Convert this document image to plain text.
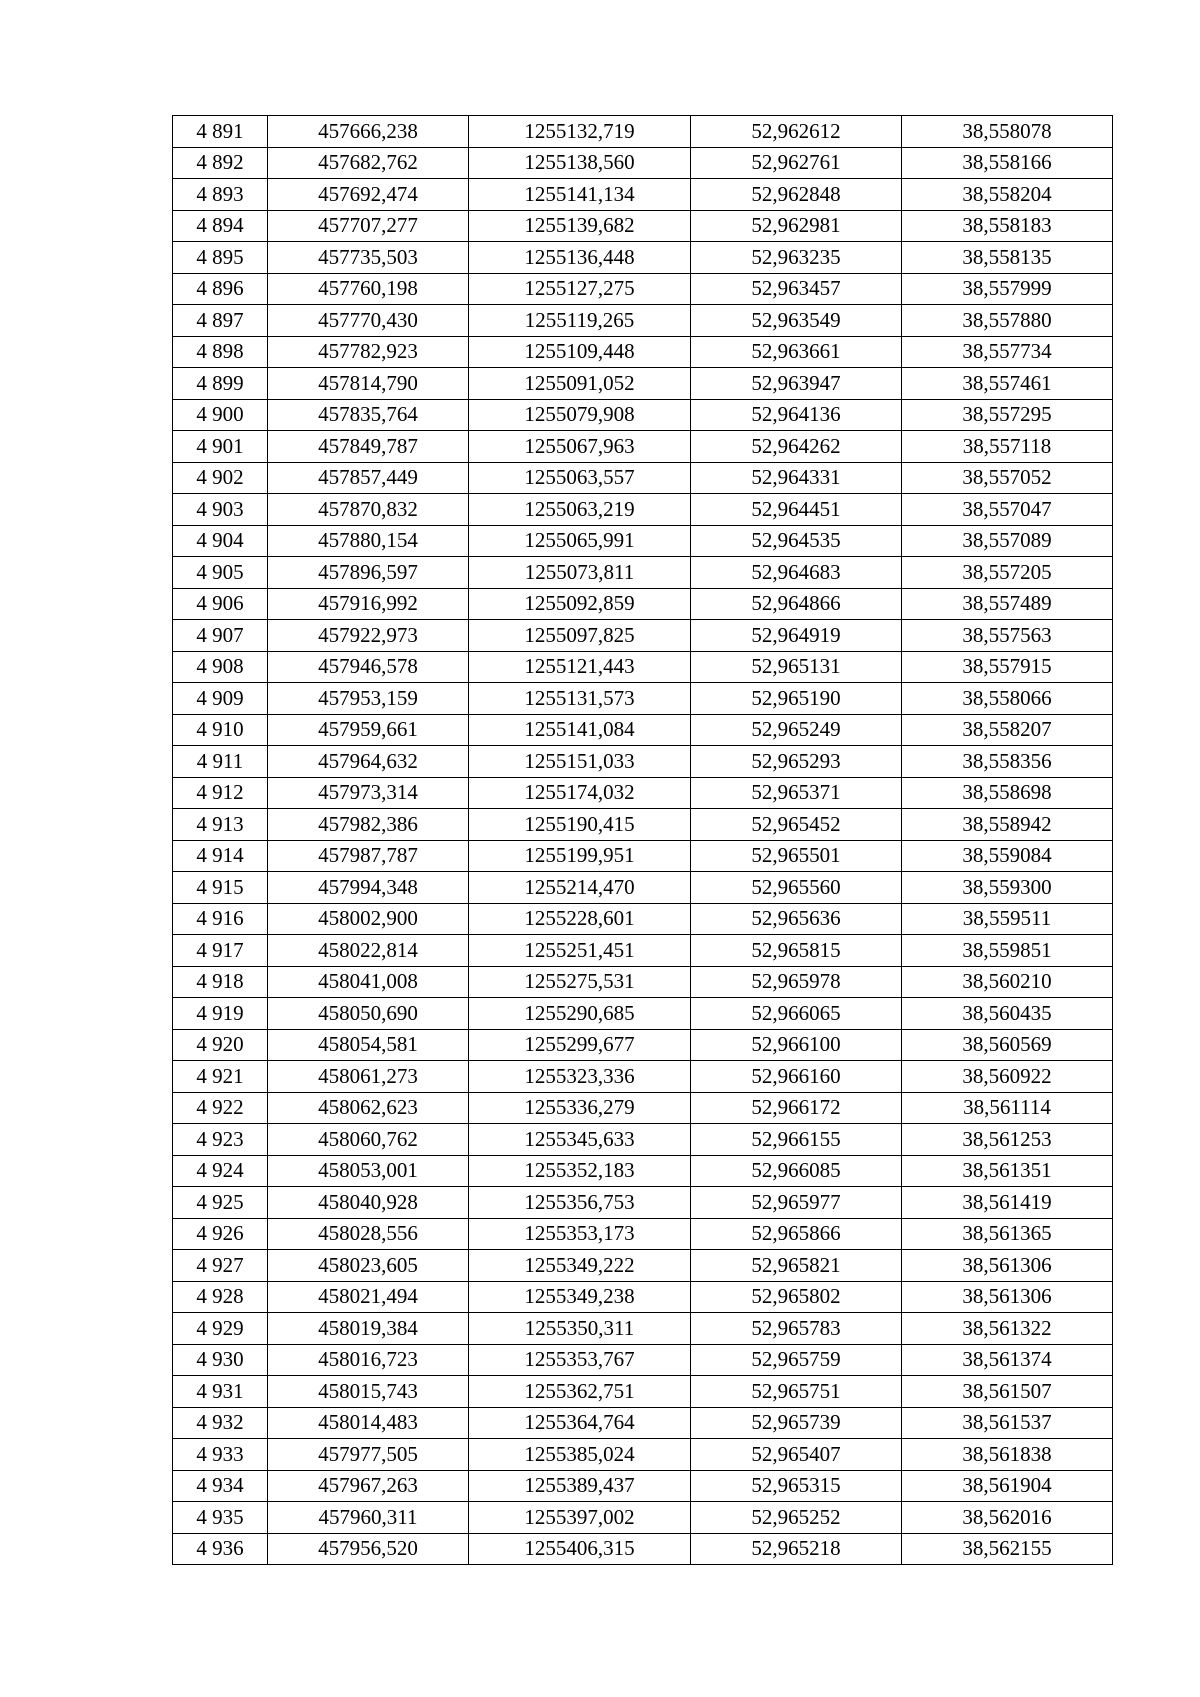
4 891	457666,238	1255132,719	52,962612	38,558078
4 892	457682,762	1255138,560	52,962761	38,558166
4 893	457692,474	1255141,134	52,962848	38,558204
4 894	457707,277	1255139,682	52,962981	38,558183
4 895	457735,503	1255136,448	52,963235	38,558135
4 896	457760,198	1255127,275	52,963457	38,557999
4 897	457770,430	1255119,265	52,963549	38,557880
4 898	457782,923	1255109,448	52,963661	38,557734
4 899	457814,790	1255091,052	52,963947	38,557461
4 900	457835,764	1255079,908	52,964136	38,557295
4 901	457849,787	1255067,963	52,964262	38,557118
4 902	457857,449	1255063,557	52,964331	38,557052
4 903	457870,832	1255063,219	52,964451	38,557047
4 904	457880,154	1255065,991	52,964535	38,557089
4 905	457896,597	1255073,811	52,964683	38,557205
4 906	457916,992	1255092,859	52,964866	38,557489
4 907	457922,973	1255097,825	52,964919	38,557563
4 908	457946,578	1255121,443	52,965131	38,557915
4 909	457953,159	1255131,573	52,965190	38,558066
4 910	457959,661	1255141,084	52,965249	38,558207
4 911	457964,632	1255151,033	52,965293	38,558356
4 912	457973,314	1255174,032	52,965371	38,558698
4 913	457982,386	1255190,415	52,965452	38,558942
4 914	457987,787	1255199,951	52,965501	38,559084
4 915	457994,348	1255214,470	52,965560	38,559300
4 916	458002,900	1255228,601	52,965636	38,559511
4 917	458022,814	1255251,451	52,965815	38,559851
4 918	458041,008	1255275,531	52,965978	38,560210
4 919	458050,690	1255290,685	52,966065	38,560435
4 920	458054,581	1255299,677	52,966100	38,560569
4 921	458061,273	1255323,336	52,966160	38,560922
4 922	458062,623	1255336,279	52,966172	38,561114
4 923	458060,762	1255345,633	52,966155	38,561253
4 924	458053,001	1255352,183	52,966085	38,561351
4 925	458040,928	1255356,753	52,965977	38,561419
4 926	458028,556	1255353,173	52,965866	38,561365
4 927	458023,605	1255349,222	52,965821	38,561306
4 928	458021,494	1255349,238	52,965802	38,561306
4 929	458019,384	1255350,311	52,965783	38,561322
4 930	458016,723	1255353,767	52,965759	38,561374
4 931	458015,743	1255362,751	52,965751	38,561507
4 932	458014,483	1255364,764	52,965739	38,561537
4 933	457977,505	1255385,024	52,965407	38,561838
4 934	457967,263	1255389,437	52,965315	38,561904
4 935	457960,311	1255397,002	52,965252	38,562016
4 936	457956,520	1255406,315	52,965218	38,562155
